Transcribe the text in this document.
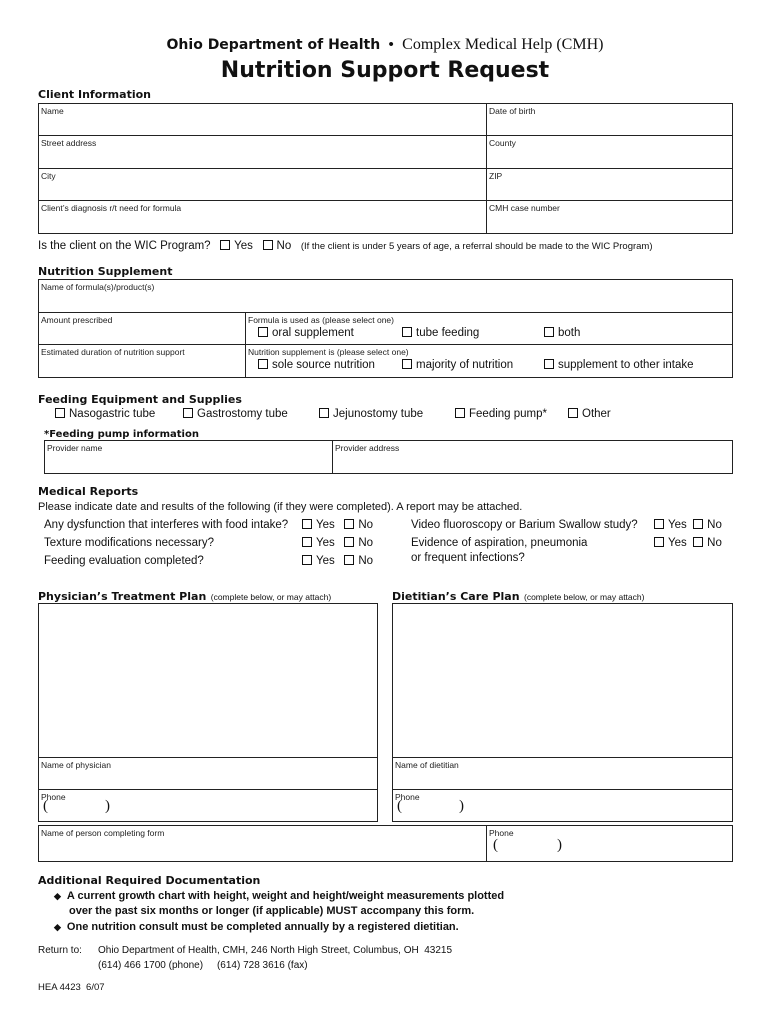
Ohio Department of Health • Complex Medical Help (CMH)
Nutrition Support Request
Client Information
Name	Date of birth
Street address	County
City	ZIP
Client’s diagnosis r/t need for formula	CMH case number
Is the client on the WIC Program? Yes No (If the client is under 5 years of age, a referral should be made to the WIC Program)
Nutrition Supplement
Name of formula(s)/product(s)
Amount prescribed	Formula is used as (please select one)
oral supplement	tube feeding	both
Estimated duration of nutrition support	Nutrition supplement is (please select one)
sole source nutrition	majority of nutrition	supplement to other intake
Feeding Equipment and Supplies
Nasogastric tube	Gastrostomy tube	Jejunostomy tube	Feeding pump*	Other
*Feeding pump information
Provider name	Provider address
Medical Reports
Please indicate date and results of the following (if they were completed). A report may be attached.
Any dysfunction that interferes with food intake?	Yes No
Texture modifications necessary?	Yes No
Feeding evaluation completed?	Yes No
Video fluoroscopy or Barium Swallow study?	Yes No
Evidence of aspiration, pneumonia
or frequent infections?
Yes No
Physician’s Treatment Plan (complete below, or may attach)	Dietitian’s Care Plan (complete below, or may attach)
Name of physician	Name of dietitian
Phone
(	)
Phone
(	)
Name of person completing form	Phone
(	)
Additional Required Documentation
◆ A current growth chart with height, weight and height/weight measurements plotted
over the past six months or longer (if applicable) MUST accompany this form.
◆ One nutrition consult must be completed annually by a registered dietitian.
Return to: Ohio Department of Health, CMH, 246 North High Street, Columbus, OH  43215
(614) 466 1700 (phone)     (614) 728 3616 (fax)
HEA 4423  6/07
